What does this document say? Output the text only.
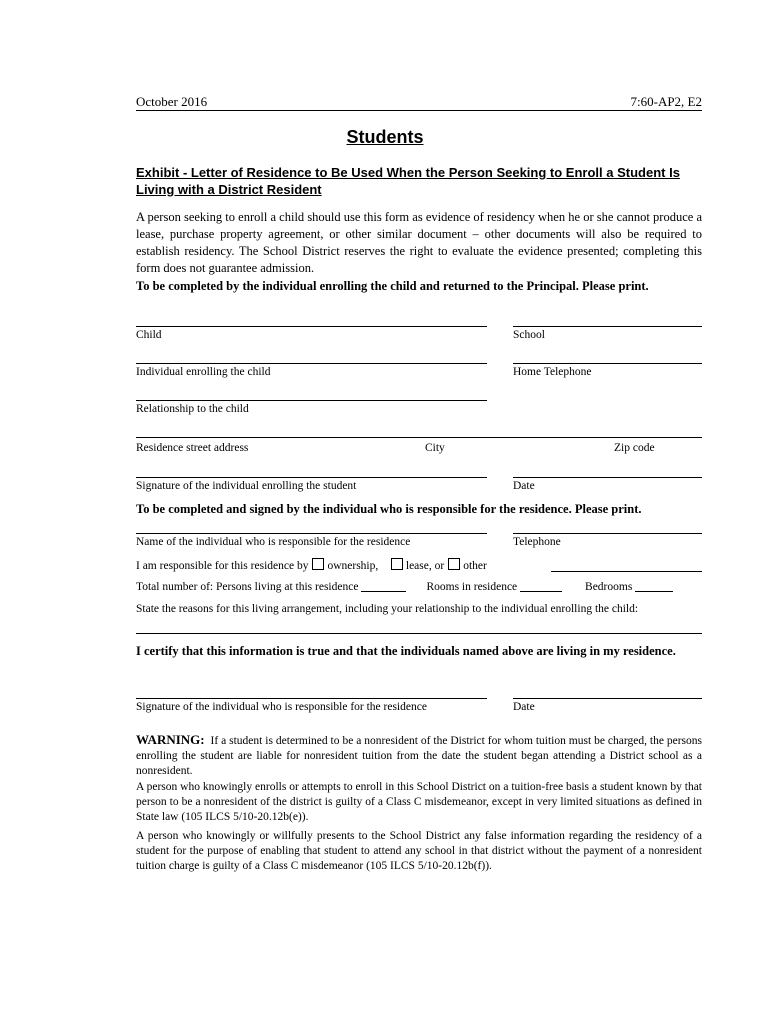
October 2016	7:60-AP2, E2
Students
Exhibit - Letter of Residence to Be Used When the Person Seeking to Enroll a Student Is Living with a District Resident
A person seeking to enroll a child should use this form as evidence of residency when he or she cannot produce a lease, purchase property agreement, or other similar document – other documents will also be required to establish residency. The School District reserves the right to evaluate the evidence presented; completing this form does not guarantee admission.
To be completed by the individual enrolling the child and returned to the Principal. Please print.
Child	School
Individual enrolling the child	Home Telephone
Relationship to the child
Residence street address	City	Zip code
Signature of the individual enrolling the student	Date
To be completed and signed by the individual who is responsible for the residence. Please print.
Name of the individual who is responsible for the residence	Telephone
I am responsible for this residence by ownership, lease, or other
Total number of: Persons living at this residence	Rooms in residence	Bedrooms
State the reasons for this living arrangement, including your relationship to the individual enrolling the child:
I certify that this information is true and that the individuals named above are living in my residence.
Signature of the individual who is responsible for the residence	Date
WARNING: If a student is determined to be a nonresident of the District for whom tuition must be charged, the persons enrolling the student are liable for nonresident tuition from the date the student began attending a District school as a nonresident.
A person who knowingly enrolls or attempts to enroll in this School District on a tuition-free basis a student known by that person to be a nonresident of the district is guilty of a Class C misdemeanor, except in very limited situations as defined in State law (105 ILCS 5/10-20.12b(e)).
A person who knowingly or willfully presents to the School District any false information regarding the residency of a student for the purpose of enabling that student to attend any school in that district without the payment of a nonresident tuition charge is guilty of a Class C misdemeanor (105 ILCS 5/10-20.12b(f)).
